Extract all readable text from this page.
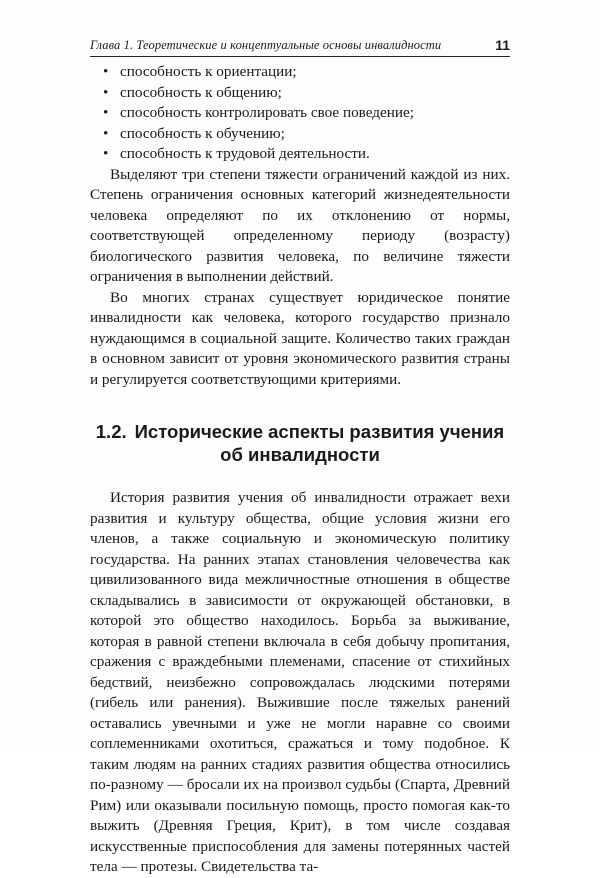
Глава 1. Теоретические и концептуальные основы инвалидности	11
• способность к ориентации;
• способность к общению;
• способность контролировать свое поведение;
• способность к обучению;
• способность к трудовой деятельности.

Выделяют три степени тяжести ограничений каждой из них. Степень ограничения основных категорий жизнедеятельности человека определяют по их отклонению от нормы, соответствующей определенному периоду (возрасту) биологического развития человека, по величине тяжести ограничения в выполнении действий.

Во многих странах существует юридическое понятие инвалидности как человека, которого государство признало нуждающимся в социальной защите. Количество таких граждан в основном зависит от уровня экономического развития страны и регулируется соответствующими критериями.

1.2. Исторические аспекты развития учения об инвалидности

История развития учения об инвалидности отражает вехи развития и культуру общества, общие условия жизни его членов, а также социальную и экономическую политику государства. На ранних этапах становления человечества как цивилизованного вида межличностные отношения в обществе складывались в зависимости от окружающей обстановки, в которой это общество находилось. Борьба за выживание, которая в равной степени включала в себя добычу пропитания, сражения с враждебными племенами, спасение от стихийных бедствий, неизбежно сопровождалась людскими потерями (гибель или ранения). Выжившие после тяжелых ранений оставались увечными и уже не могли наравне со своими соплеменниками охотиться, сражаться и тому подобное. К таким людям на ранних стадиях развития общества относились по-разному — бросали их на произвол судьбы (Спарта, Древний Рим) или оказывали посильную помощь, просто помогая как-то выжить (Древняя Греция, Крит), в том числе создавая искусственные приспособления для замены потерянных частей тела — протезы. Свидетельства та-
